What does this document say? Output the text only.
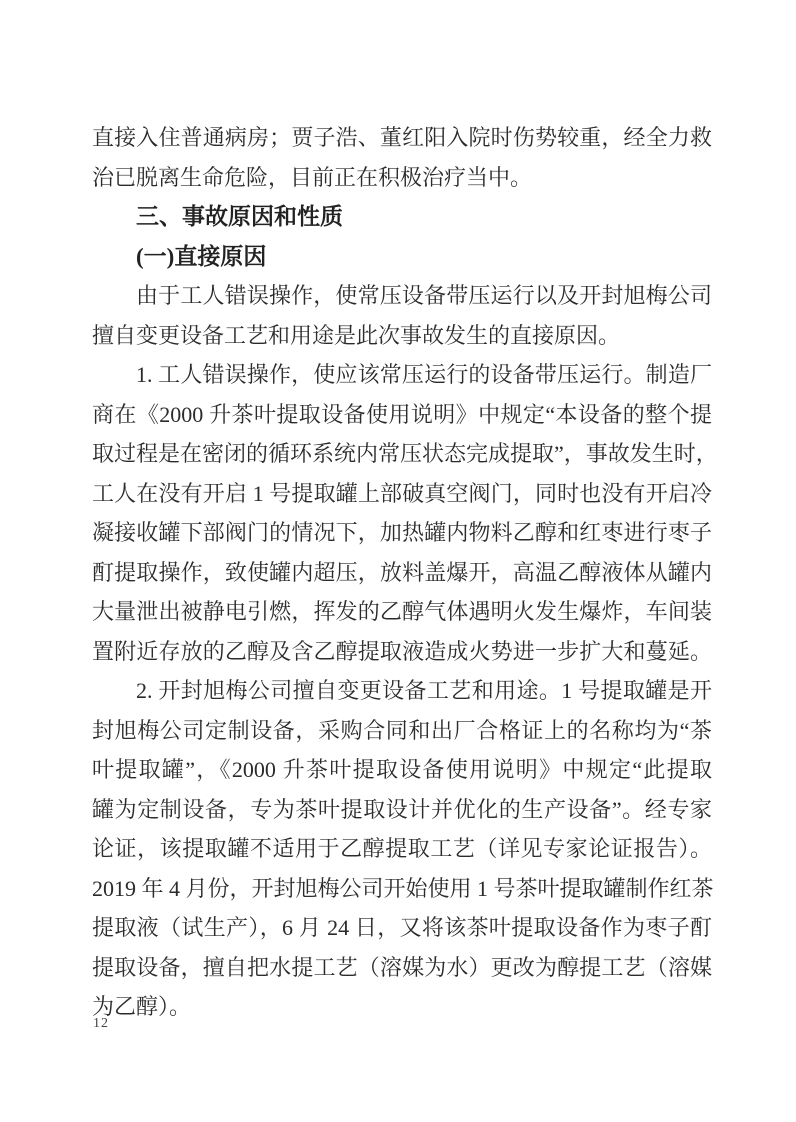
直接入住普通病房；贾子浩、董红阳入院时伤势较重，经全力救
治已脱离生命危险，目前正在积极治疗当中。
三、事故原因和性质
(一)直接原因
由于工人错误操作，使常压设备带压运行以及开封旭梅公司
擅自变更设备工艺和用途是此次事故发生的直接原因。
1. 工人错误操作，使应该常压运行的设备带压运行。制造厂
商在《2000 升茶叶提取设备使用说明》中规定“本设备的整个提
取过程是在密闭的循环系统内常压状态完成提取”，事故发生时，
工人在没有开启 1 号提取罐上部破真空阀门，同时也没有开启冷
凝接收罐下部阀门的情况下，加热罐内物料乙醇和红枣进行枣子
酊提取操作，致使罐内超压，放料盖爆开，高温乙醇液体从罐内
大量泄出被静电引燃，挥发的乙醇气体遇明火发生爆炸，车间装
置附近存放的乙醇及含乙醇提取液造成火势进一步扩大和蔓延。
2. 开封旭梅公司擅自变更设备工艺和用途。1 号提取罐是开
封旭梅公司定制设备，采购合同和出厂合格证上的名称均为“茶
叶提取罐”，《2000 升茶叶提取设备使用说明》中规定“此提取
罐为定制设备，专为茶叶提取设计并优化的生产设备”。经专家
论证，该提取罐不适用于乙醇提取工艺（详见专家论证报告）。
2019 年 4 月份，开封旭梅公司开始使用 1 号茶叶提取罐制作红茶
提取液（试生产），6 月 24 日，又将该茶叶提取设备作为枣子酊
提取设备，擅自把水提工艺（溶媒为水）更改为醇提工艺（溶媒
为乙醇）。
12
